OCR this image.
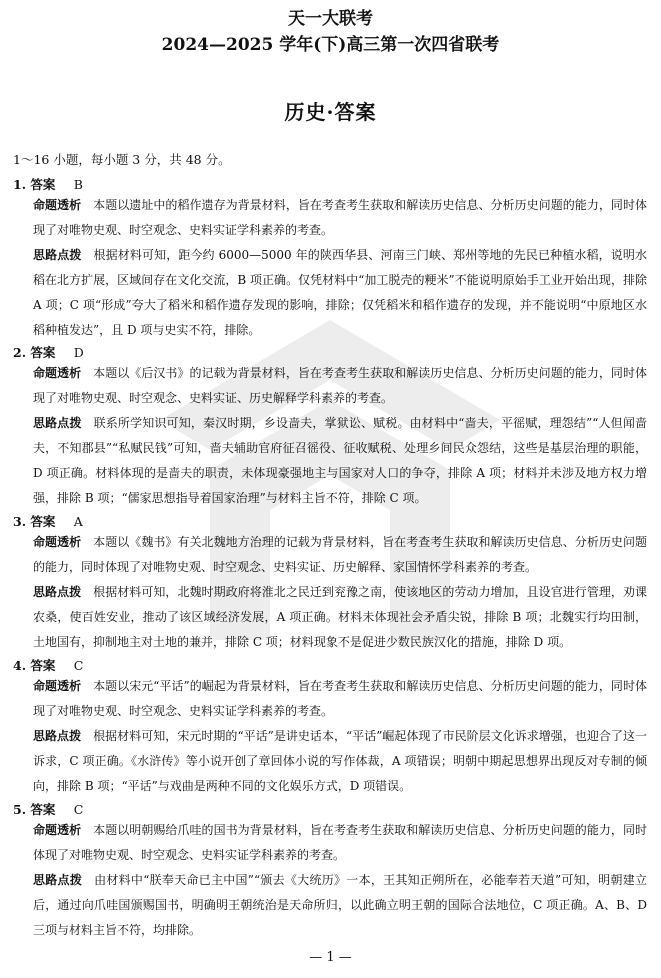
天一大联考
2024—2025 学年(下)高三第一次四省联考
历史·答案
1～16 小题，每小题 3 分，共 48 分。
1. 答案 B

命题透析 本题以遗址中的稻作遗存为背景材料，旨在考查考生获取和解读历史信息、分析历史问题的能力，同时体现了对唯物史观、时空观念、史料实证学科素养的考查。

思路点拨 根据材料可知，距今约 6000—5000 年的陕西华县、河南三门峡、郑州等地的先民已种植水稻，说明水稻在北方扩展，区域间存在文化交流，B 项正确。仅凭材料中“加工脱壳的粳米”不能说明原始手工业开始出现，排除 A 项；C 项“形成”夸大了稻米和稻作遗存发现的影响，排除；仅凭稻米和稻作遗存的发现，并不能说明“中原地区水稻种植发达”，且 D 项与史实不符，排除。

2. 答案 D

命题透析 本题以《后汉书》的记载为背景材料，旨在考查考生获取和解读历史信息、分析历史问题的能力，同时体现了对唯物史观、时空观念、史料实证、历史解释学科素养的考查。

思路点拨 联系所学知识可知，秦汉时期，乡设啬夫，掌狱讼、赋税。由材料中“啬夫，平徭赋，理怨结”“人但闻啬夫，不知郡县”“私赋民钱”可知，啬夫辅助官府征召徭役、征收赋税、处理乡间民众怨结，这些是基层治理的职能，D 项正确。材料体现的是啬夫的职责，未体现豪强地主与国家对人口的争夺，排除 A 项；材料并未涉及地方权力增强，排除 B 项；“儒家思想指导着国家治理”与材料主旨不符，排除 C 项。

3. 答案 A

命题透析 本题以《魏书》有关北魏地方治理的记载为背景材料，旨在考查考生获取和解读历史信息、分析历史问题的能力，同时体现了对唯物史观、时空观念、史料实证、历史解释、家国情怀学科素养的考查。

思路点拨 根据材料可知，北魏时期政府将淮北之民迁到兖豫之南，使该地区的劳动力增加，且设官进行管理，劝课农桑，使百姓安业，推动了该区域经济发展，A 项正确。材料未体现社会矛盾尖锐，排除 B 项；北魏实行均田制，土地国有，抑制地主对土地的兼并，排除 C 项；材料现象不是促进少数民族汉化的措施，排除 D 项。

4. 答案 C

命题透析 本题以宋元“平话”的崛起为背景材料，旨在考查考生获取和解读历史信息、分析历史问题的能力，同时体现了对唯物史观、时空观念、史料实证学科素养的考查。

思路点拨 根据材料可知，宋元时期的“平话”是讲史话本，“平话”崛起体现了市民阶层文化诉求增强，也迎合了这一诉求，C 项正确。《水浒传》等小说开创了章回体小说的写作体裁，A 项错误；明朝中期起思想界出现反对专制的倾向，排除 B 项；“平话”与戏曲是两种不同的文化娱乐方式，D 项错误。

5. 答案 C

命题透析 本题以明朝赐给爪哇的国书为背景材料，旨在考查考生获取和解读历史信息、分析历史问题的能力，同时体现了对唯物史观、时空观念、史料实证学科素养的考查。

思路点拨 由材料中“朕奉天命已主中国”“颁去《大统历》一本，王其知正朔所在，必能奉若天道”可知，明朝建立后，通过向爪哇国颁赐国书，明确明王朝统治是天命所归，以此确立明王朝的国际合法地位，C 项正确。A、B、D 三项与材料主旨不符，均排除。

— 1 —
